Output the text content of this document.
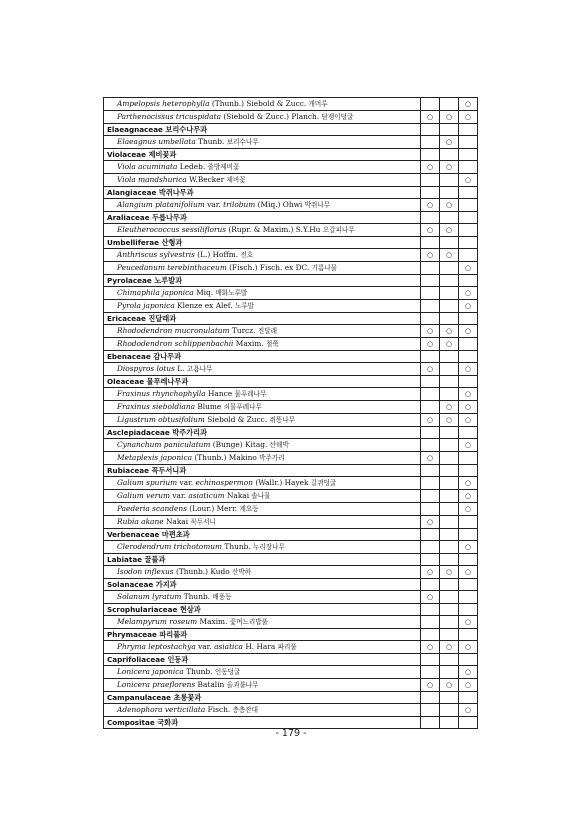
Ampelopsis heterophylla (Thunb.) Siebold & Zucc. 개머루			○
Parthenocissus tricuspidata (Siebold & Zucc.) Planch. 담쟁이덩굴	○	○	○
Elaeagnaceae 보리수나무과			
Elaeagnus umbellata Thunb. 보리수나무		○	
Violaceae 제비꽃과			
Viola acuminata Ledeb. 졸방제비꽃	○	○	
Viola mandshurica W.Becker 제비꽃			○
Alangiaceae 박쥐나무과			
Alangium platanifolium var. trilobum (Miq.) Ohwi 박쥐나무	○	○	
Araliaceae 두릅나무과			
Eleutherococcus sessiliflorus (Rupr. & Maxim.) S.Y.Hu 오갈피나무	○	○	
Umbelliferae 산형과			
Anthriscus sylvestris (L.) Hoffm. 전호	○	○	
Peucedanum terebinthaceum (Fisch.) Fisch. ex DC. 기름나물			○
Pyrolaceae 노루발과			
Chimaphila japonica Miq. 매화노루발			○
Pyrola japonica Klenze ex Alef. 노루발			○
Ericaceae 진달래과			
Rhododendron mucronulatum Turcz. 진달래	○	○	○
Rhododendron schlippenbachii Maxim. 철쭉	○	○	
Ebenaceae 감나무과			
Diospyros lotus L. 고욤나무	○		○
Oleaceae 물푸레나무과			
Fraxinus rhynchophylla Hance 물푸레나무			○
Fraxinus sieboldiana Blume 쇠물푸레나무		○	○
Ligustrum obtusifolium Siebold & Zucc. 쥐똥나무	○	○	○
Asclepiadaceae 박주가리과			
Cynanchum paniculatum (Bunge) Kitag. 산해박			○
Metaplexis japonica (Thunb.) Makino 박주가리	○		
Rubiaceae 꼭두서니과			
Galium spurium var. echinospermon (Wallr.) Hayek 갈퀴덩굴			○
Galium verum var. asiaticum Nakai 솔나물			○
Paederia scandens (Lour.) Merr. 계요등			○
Rubia akane Nakai 꼭두서니	○		
Verbenaceae 마편초과			
Clerodendrum trichotomum Thunb. 누리장나무			○
Labiatae 꿀풀과			
Isodon inflexus (Thunb.) Kudo 산박하	○	○	○
Solanaceae 가지과			
Solanum lyratum Thunb. 배풍등	○		
Scrophulariaceae 현삼과			
Melampyrum roseum Maxim. 꽃며느리밥풀			○
Phrymaceae 파리풀과			
Phryma leptostachya var. asiatica H. Hara 파리풀	○	○	○
Caprifoliaceae 인동과			
Lonicera japonica Thunb. 인동덩굴			○
Lonicera praeflorens Batalin 올괴불나무	○	○	○
Campanulaceae 초롱꽃과			
Adenophora verticillata Fisch. 층층잔대			○
Compositae 국화과			
- 179 -
